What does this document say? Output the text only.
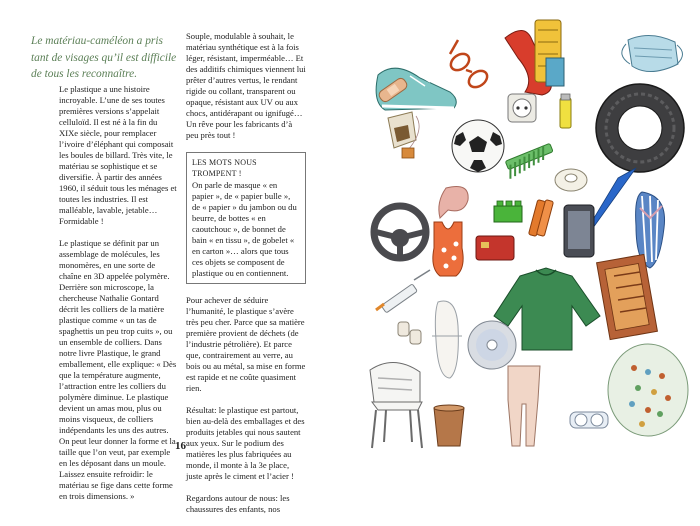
Le matériau-caméléon a pris tant de visages qu’il est difficile de tous les reconnaître.

Le plastique a une histoire incroyable. L’une de ses toutes premières versions s’appelait celluloïd. Il est né à la fin du XIXe siècle, pour remplacer l’ivoire d’éléphant qui composait les boules de billard. Très vite, le matériau se sophistique et se diversifie. À partir des années 1960, il séduit tous les ménages et toutes les industries. Il est malléable, lavable, jetable… Formidable !

Le plastique se définit par un assemblage de molécules, les monomères, en une sorte de chaîne en 3D appelée polymère. Derrière son microscope, la chercheuse Nathalie Gontard décrit les colliers de la matière plastique comme « un tas de spaghettis un peu trop cuits », ou un ensemble de colliers. Dans notre livre Plastique, le grand emballement, elle explique: « Dès que la température augmente, l’attraction entre les colliers du polymère diminue. Le plastique devient un amas mou, plus ou moins visqueux, de colliers indépendants les uns des autres. On peut leur donner la forme et la taille que l’on veut, par exemple en les déposant dans un moule. Laissez ensuite refroidir: le matériau se fige dans cette forme en trois dimensions. »

Souple, modulable à souhait, le matériau synthétique est à la fois léger, résistant, imperméable… Et des additifs chimiques viennent lui prêter d’autres vertus, le rendant rigide ou collant, transparent ou opaque, résistant aux UV ou aux chocs, antidérapant ou ignifugé… Un rêve pour les fabricants d’à peu près tout !

LES MOTS NOUS TROMPENT !
On parle de masque « en papier », de « papier bulle », de « papier » du jambon ou du beurre, de bottes « en caoutchouc », de bonnet de bain « en tissu », de gobelet « en carton »… alors que tous ces objets se composent de plastique ou en contiennent.

Pour achever de séduire l’humanité, le plastique s’avère très peu cher. Parce que sa matière première provient de déchets (de l’industrie pétrolière). Et parce que, contrairement au verre, au bois ou au métal, sa mise en forme est rapide et ne coûte quasiment rien.

Résultat: le plastique est partout, bien au-delà des emballages et des produits jetables qui nous sautent aux yeux. Sur le podium des matières les plus fabriquées au monde, il monte à la 3e place, juste après le ciment et l’acier !

Regardons autour de nous: les chaussures des enfants, nos

16
